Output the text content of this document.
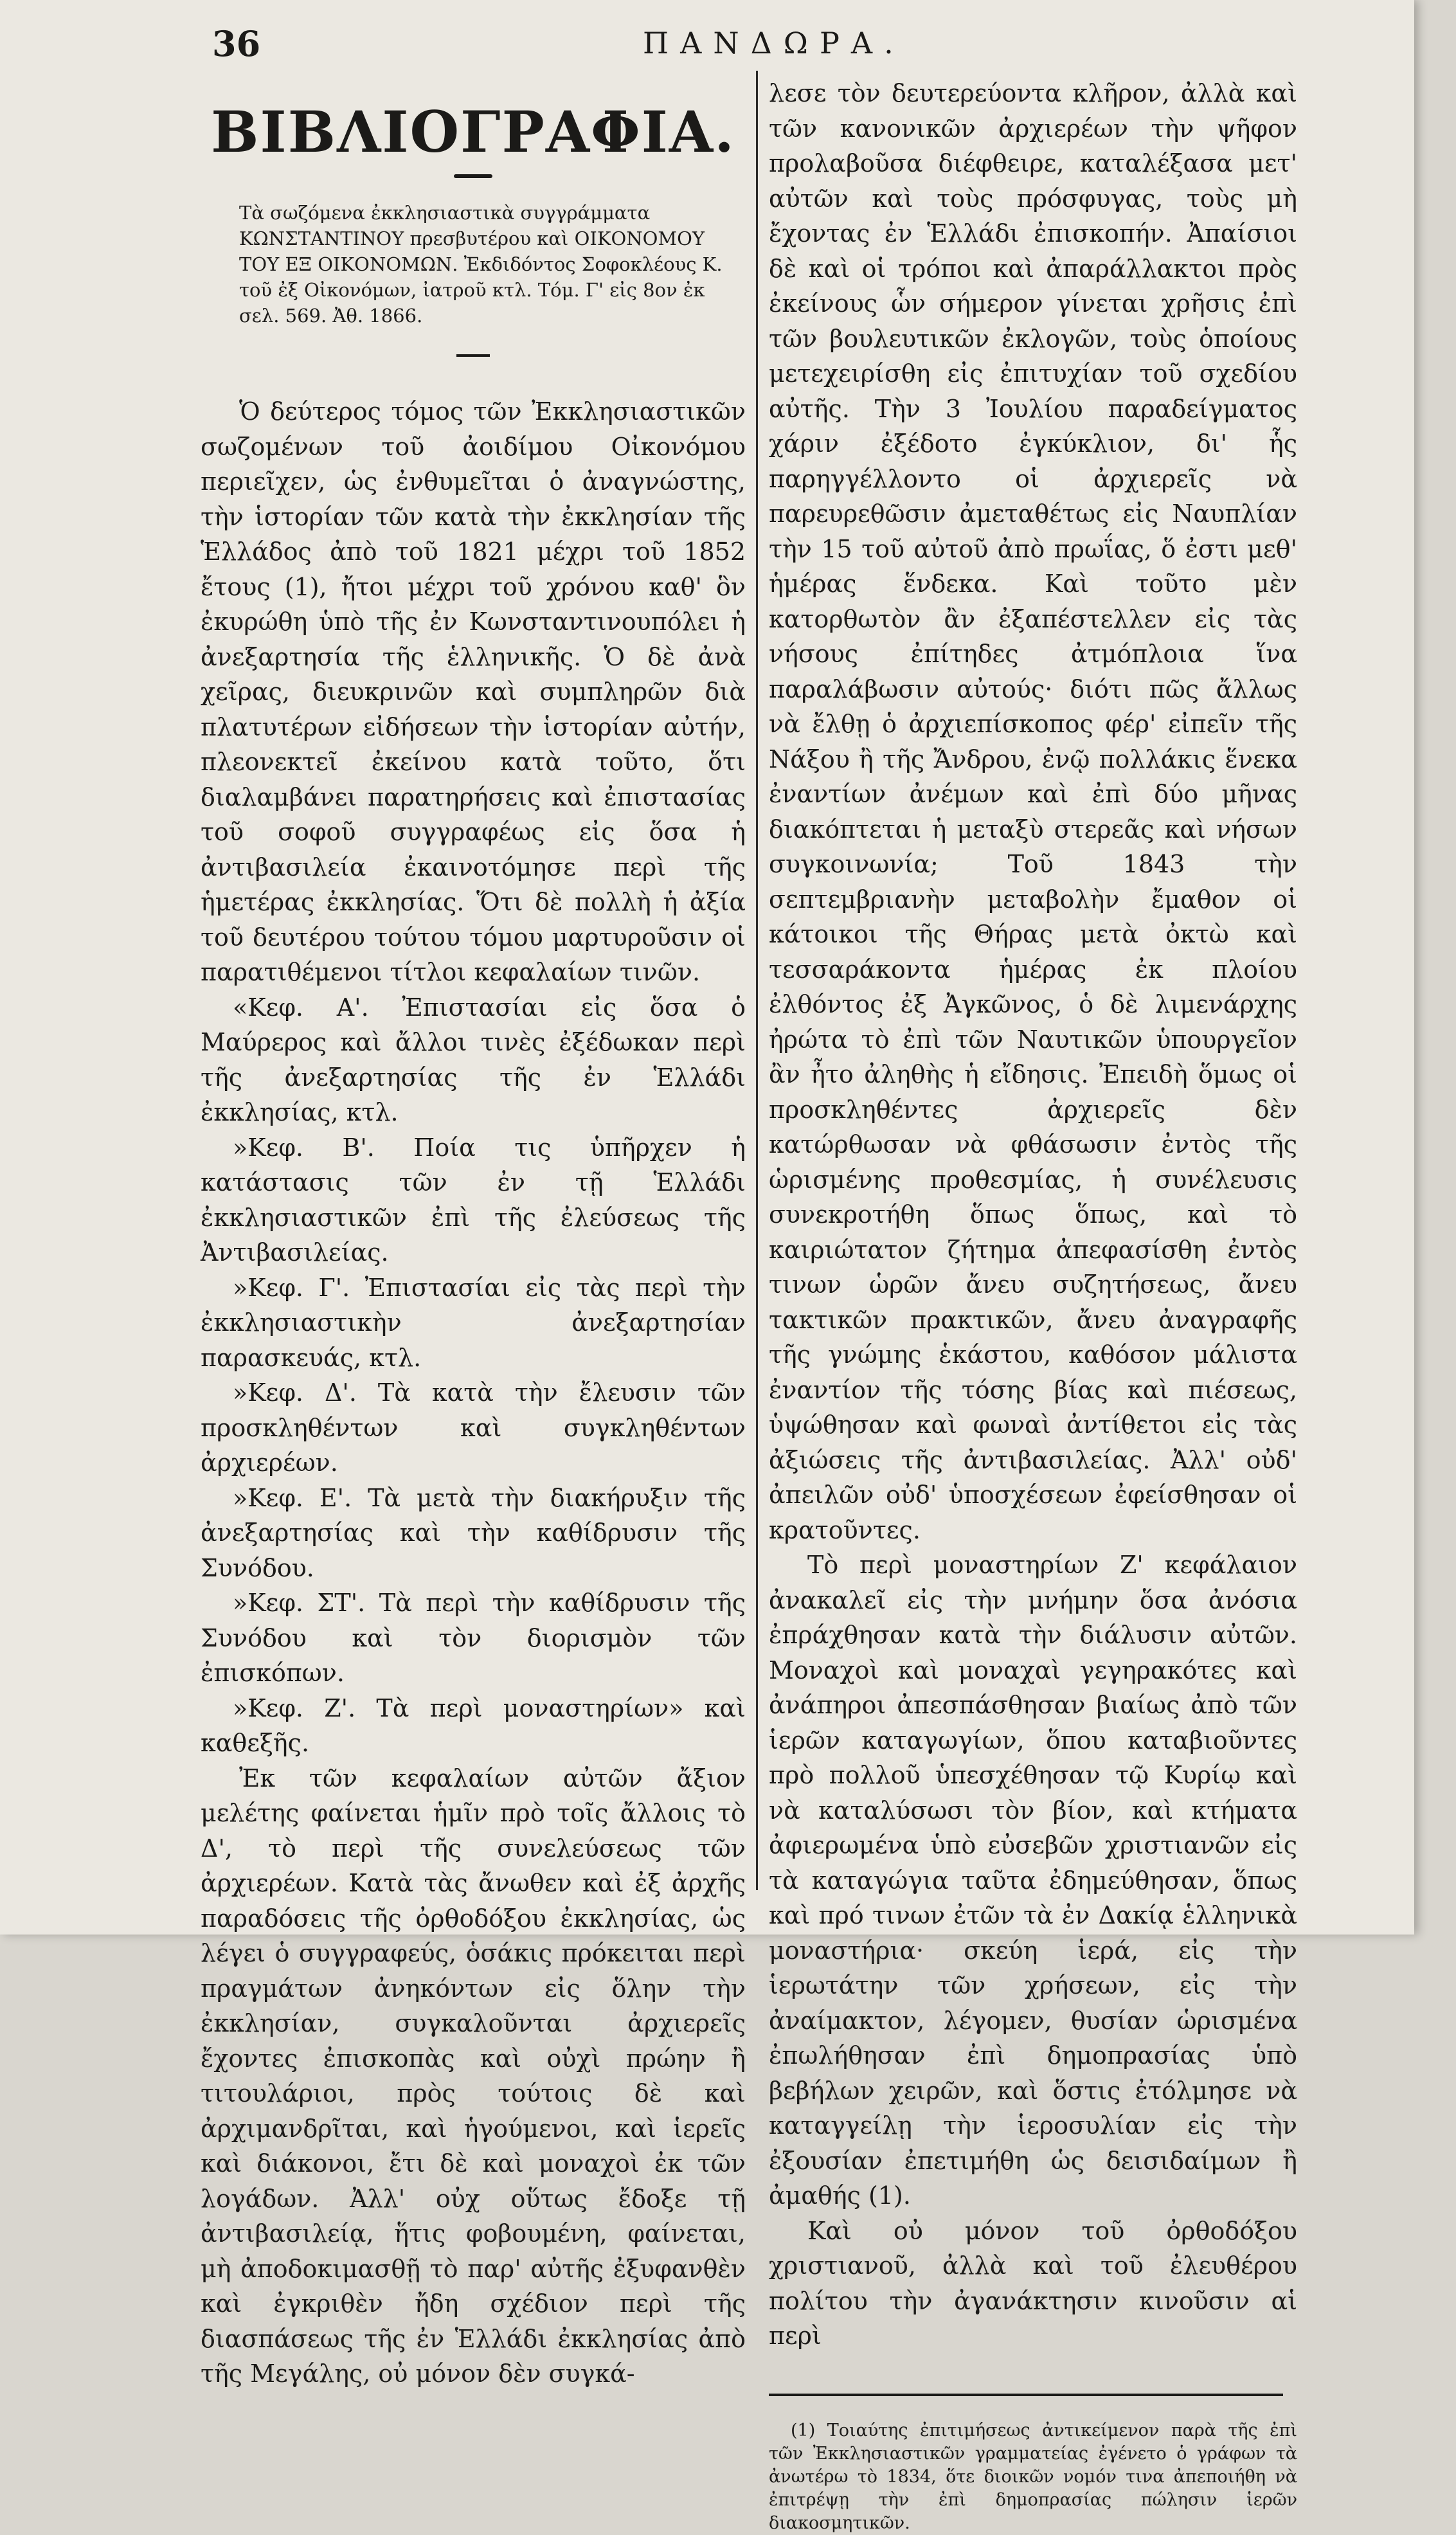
36	ΠΑΝΔΩΡΑ.
ΒΙΒΛΙΟΓΡΑΦΙΑ.

Τὰ σωζόμενα ἐκκλησιαστικὰ συγγράμματα ΚΩΝΣΤΑΝΤΙΝΟΥ πρεσβυτέρου καὶ ΟΙΚΟΝΟΜΟΥ ΤΟΥ ΕΞ ΟΙΚΟΝΟΜΩΝ. Ἐκδιδόντος Σοφοκλέους Κ. τοῦ ἐξ Οἰκονόμων, ἰατροῦ κτλ. Τόμ. Γ' εἰς 8ον ἐκ σελ. 569. Ἀθ. 1866.

Ὁ δεύτερος τόμος τῶν Ἐκκλησιαστικῶν σωζομένων τοῦ ἀοιδίμου Οἰκονόμου περιεῖχεν, ὡς ἐνθυμεῖται ὁ ἀναγνώστης, τὴν ἱστορίαν τῶν κατὰ τὴν ἐκκλησίαν τῆς Ἑλλάδος ἀπὸ τοῦ 1821 μέχρι τοῦ 1852 ἔτους (1), ἤτοι μέχρι τοῦ χρόνου καθ' ὃν ἐκυρώθη ὑπὸ τῆς ἐν Κωνσταντινουπόλει ἡ ἀνεξαρτησία τῆς ἑλληνικῆς. Ὁ δὲ ἀνὰ χεῖρας, διευκρινῶν καὶ συμπληρῶν διὰ πλατυτέρων εἰδήσεων τὴν ἱστορίαν αὐτήν, πλεονεκτεῖ ἐκείνου κατὰ τοῦτο, ὅτι διαλαμβάνει παρατηρήσεις καὶ ἐπιστασίας τοῦ σοφοῦ συγγραφέως εἰς ὅσα ἡ ἀντιβασιλεία ἐκαινοτόμησε περὶ τῆς ἡμετέρας ἐκκλησίας. Ὅτι δὲ πολλὴ ἡ ἀξία τοῦ δευτέρου τούτου τόμου μαρτυροῦσιν οἱ παρατιθέμενοι τίτλοι κεφαλαίων τινῶν.

«Κεφ. Α'. Ἐπιστασίαι εἰς ὅσα ὁ Μαύρερος καὶ ἄλλοι τινὲς ἐξέδωκαν περὶ τῆς ἀνεξαρτησίας τῆς ἐν Ἑλλάδι ἐκκλησίας, κτλ.

»Κεφ. Β'. Ποία τις ὑπῆρχεν ἡ κατάστασις τῶν ἐν τῇ Ἑλλάδι ἐκκλησιαστικῶν ἐπὶ τῆς ἐλεύσεως τῆς Ἀντιβασιλείας.

»Κεφ. Γ'. Ἐπιστασίαι εἰς τὰς περὶ τὴν ἐκκλησιαστικὴν ἀνεξαρτησίαν παρασκευάς, κτλ.

»Κεφ. Δ'. Τὰ κατὰ τὴν ἔλευσιν τῶν προσκληθέντων καὶ συγκληθέντων ἀρχιερέων.

»Κεφ. Ε'. Τὰ μετὰ τὴν διακήρυξιν τῆς ἀνεξαρτησίας καὶ τὴν καθίδρυσιν τῆς Συνόδου.

»Κεφ. ΣΤ'. Τὰ περὶ τὴν καθίδρυσιν τῆς Συνόδου καὶ τὸν διορισμὸν τῶν ἐπισκόπων.

»Κεφ. Ζ'. Τὰ περὶ μοναστηρίων» καὶ καθεξῆς.

Ἐκ τῶν κεφαλαίων αὐτῶν ἄξιον μελέτης φαίνεται ἡμῖν πρὸ τοῖς ἄλλοις τὸ Δ', τὸ περὶ τῆς συνελεύσεως τῶν ἀρχιερέων. Κατὰ τὰς ἄνωθεν καὶ ἐξ ἀρχῆς παραδόσεις τῆς ὀρθοδόξου ἐκκλησίας, ὡς λέγει ὁ συγγραφεύς, ὁσάκις πρόκειται περὶ πραγμάτων ἀνηκόντων εἰς ὅλην τὴν ἐκκλησίαν, συγκαλοῦνται ἀρχιερεῖς ἔχοντες ἐπισκοπὰς καὶ οὐχὶ πρώην ἢ τιτουλάριοι, πρὸς τούτοις δὲ καὶ ἀρχιμανδρῖται, καὶ ἡγούμενοι, καὶ ἱερεῖς καὶ διάκονοι, ἔτι δὲ καὶ μοναχοὶ ἐκ τῶν λογάδων. Ἀλλ' οὐχ οὕτως ἔδοξε τῇ ἀντιβασιλείᾳ, ἥτις φοβουμένη, φαίνεται, μὴ ἀποδοκιμασθῇ τὸ παρ' αὐτῆς ἐξυφανθὲν καὶ ἐγκριθὲν ἤδη σχέδιον περὶ τῆς διασπάσεως τῆς ἐν Ἑλλάδι ἐκκλησίας ἀπὸ τῆς Μεγάλης, οὐ μόνον δὲν συγκά-

λεσε τὸν δευτερεύοντα κλῆρον, ἀλλὰ καὶ τῶν κανονικῶν ἀρχιερέων τὴν ψῆφον προλαβοῦσα διέφθειρε, καταλέξασα μετ' αὐτῶν καὶ τοὺς πρόσφυγας, τοὺς μὴ ἔχοντας ἐν Ἑλλάδι ἐπισκοπήν. Ἀπαίσιοι δὲ καὶ οἱ τρόποι καὶ ἀπαράλλακτοι πρὸς ἐκείνους ὧν σήμερον γίνεται χρῆσις ἐπὶ τῶν βουλευτικῶν ἐκλογῶν, τοὺς ὁποίους μετεχειρίσθη εἰς ἐπιτυχίαν τοῦ σχεδίου αὐτῆς. Τὴν 3 Ἰουλίου παραδείγματος χάριν ἐξέδοτο ἐγκύκλιον, δι' ἧς παρηγγέλλοντο οἱ ἀρχιερεῖς νὰ παρευρεθῶσιν ἀμεταθέτως εἰς Ναυπλίαν τὴν 15 τοῦ αὐτοῦ ἀπὸ πρωΐας, ὅ ἐστι μεθ' ἡμέρας ἕνδεκα. Καὶ τοῦτο μὲν κατορθωτὸν ἂν ἐξαπέστελλεν εἰς τὰς νήσους ἐπίτηδες ἀτμόπλοια ἵνα παραλάβωσιν αὐτούς· διότι πῶς ἄλλως νὰ ἔλθῃ ὁ ἀρχιεπίσκοπος φέρ' εἰπεῖν τῆς Νάξου ἢ τῆς Ἄνδρου, ἐνῷ πολλάκις ἕνεκα ἐναντίων ἀνέμων καὶ ἐπὶ δύο μῆνας διακόπτεται ἡ μεταξὺ στερεᾶς καὶ νήσων συγκοινωνία; Τοῦ 1843 τὴν σεπτεμβριανὴν μεταβολὴν ἔμαθον οἱ κάτοικοι τῆς Θήρας μετὰ ὀκτὼ καὶ τεσσαράκοντα ἡμέρας ἐκ πλοίου ἐλθόντος ἐξ Ἀγκῶνος, ὁ δὲ λιμενάρχης ἠρώτα τὸ ἐπὶ τῶν Ναυτικῶν ὑπουργεῖον ἂν ἦτο ἀληθὴς ἡ εἴδησις. Ἐπειδὴ ὅμως οἱ προσκληθέντες ἀρχιερεῖς δὲν κατώρθωσαν νὰ φθάσωσιν ἐντὸς τῆς ὡρισμένης προθεσμίας, ἡ συνέλευσις συνεκροτήθη ὅπως ὅπως, καὶ τὸ καιριώτατον ζήτημα ἀπεφασίσθη ἐντὸς τινων ὡρῶν ἄνευ συζητήσεως, ἄνευ τακτικῶν πρακτικῶν, ἄνευ ἀναγραφῆς τῆς γνώμης ἑκάστου, καθόσον μάλιστα ἐναντίον τῆς τόσης βίας καὶ πιέσεως, ὑψώθησαν καὶ φωναὶ ἀντίθετοι εἰς τὰς ἀξιώσεις τῆς ἀντιβασιλείας. Ἀλλ' οὐδ' ἀπειλῶν οὐδ' ὑποσχέσεων ἐφείσθησαν οἱ κρατοῦντες.

Τὸ περὶ μοναστηρίων Ζ' κεφάλαιον ἀνακαλεῖ εἰς τὴν μνήμην ὅσα ἀνόσια ἐπράχθησαν κατὰ τὴν διάλυσιν αὐτῶν. Μοναχοὶ καὶ μοναχαὶ γεγηρακότες καὶ ἀνάπηροι ἀπεσπάσθησαν βιαίως ἀπὸ τῶν ἱερῶν καταγωγίων, ὅπου καταβιοῦντες πρὸ πολλοῦ ὑπεσχέθησαν τῷ Κυρίῳ καὶ νὰ καταλύσωσι τὸν βίον, καὶ κτήματα ἀφιερωμένα ὑπὸ εὐσεβῶν χριστιανῶν εἰς τὰ καταγώγια ταῦτα ἐδημεύθησαν, ὅπως καὶ πρό τινων ἐτῶν τὰ ἐν Δακίᾳ ἑλληνικὰ μοναστήρια· σκεύη ἱερά, εἰς τὴν ἱερωτάτην τῶν χρήσεων, εἰς τὴν ἀναίμακτον, λέγομεν, θυσίαν ὡρισμένα ἐπωλήθησαν ἐπὶ δημοπρασίας ὑπὸ βεβήλων χειρῶν, καὶ ὅστις ἐτόλμησε νὰ καταγγείλῃ τὴν ἱεροσυλίαν εἰς τὴν ἐξουσίαν ἐπετιμήθη ὡς δεισιδαίμων ἢ ἀμαθής (1).

Καὶ οὐ μόνον τοῦ ὀρθοδόξου χριστιανοῦ, ἀλλὰ καὶ τοῦ ἐλευθέρου πολίτου τὴν ἀγανάκτησιν κινοῦσιν αἱ περὶ

(1) Τοιαύτης ἐπιτιμήσεως ἀντικείμενον παρὰ τῆς ἐπὶ τῶν Ἐκκλησιαστικῶν γραμματείας ἐγένετο ὁ γράφων τὰ ἀνωτέρω τὸ 1834, ὅτε διοικῶν νομόν τινα ἀπεποιήθη νὰ ἐπιτρέψῃ τὴν ἐπὶ δημοπρασίας πώλησιν ἱερῶν διακοσμητικῶν.
